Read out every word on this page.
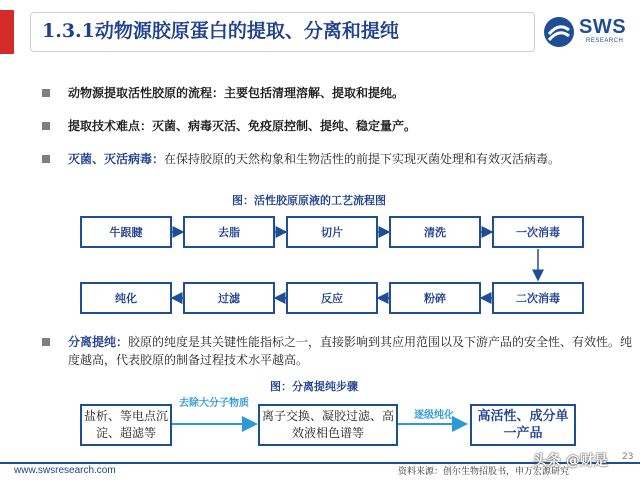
1.3.1动物源胶原蛋白的提取、分离和提纯	SWS
RESEARCH
动物源提取活性胶原的流程：主要包括清理溶解、提取和提纯。
提取技术难点：灭菌、病毒灭活、免疫原控制、提纯、稳定量产。
灭菌、灭活病毒：在保持胶原的天然构象和生物活性的前提下实现灭菌处理和有效灭活病毒。
图：活性胶原原液的工艺流程图
牛跟腱	去脂	切片	清洗	一次消毒
纯化	过滤	反应	粉碎	二次消毒
分离提纯：胶原的纯度是其关键性能指标之一，直接影响到其应用范围以及下游产品的安全性、有效性。纯度越高，代表胶原的制备过程技术水平越高。
图：分离提纯步骤
盐析、等电点沉淀、超滤等
去除大分子物质
离子交换、凝胶过滤、高效液相色谱等
逐级纯化	高活性、成分单一产品
www.swsresearch.com	资料来源：创尔生物招股书，申万宏源研究
23
头条 @财是
